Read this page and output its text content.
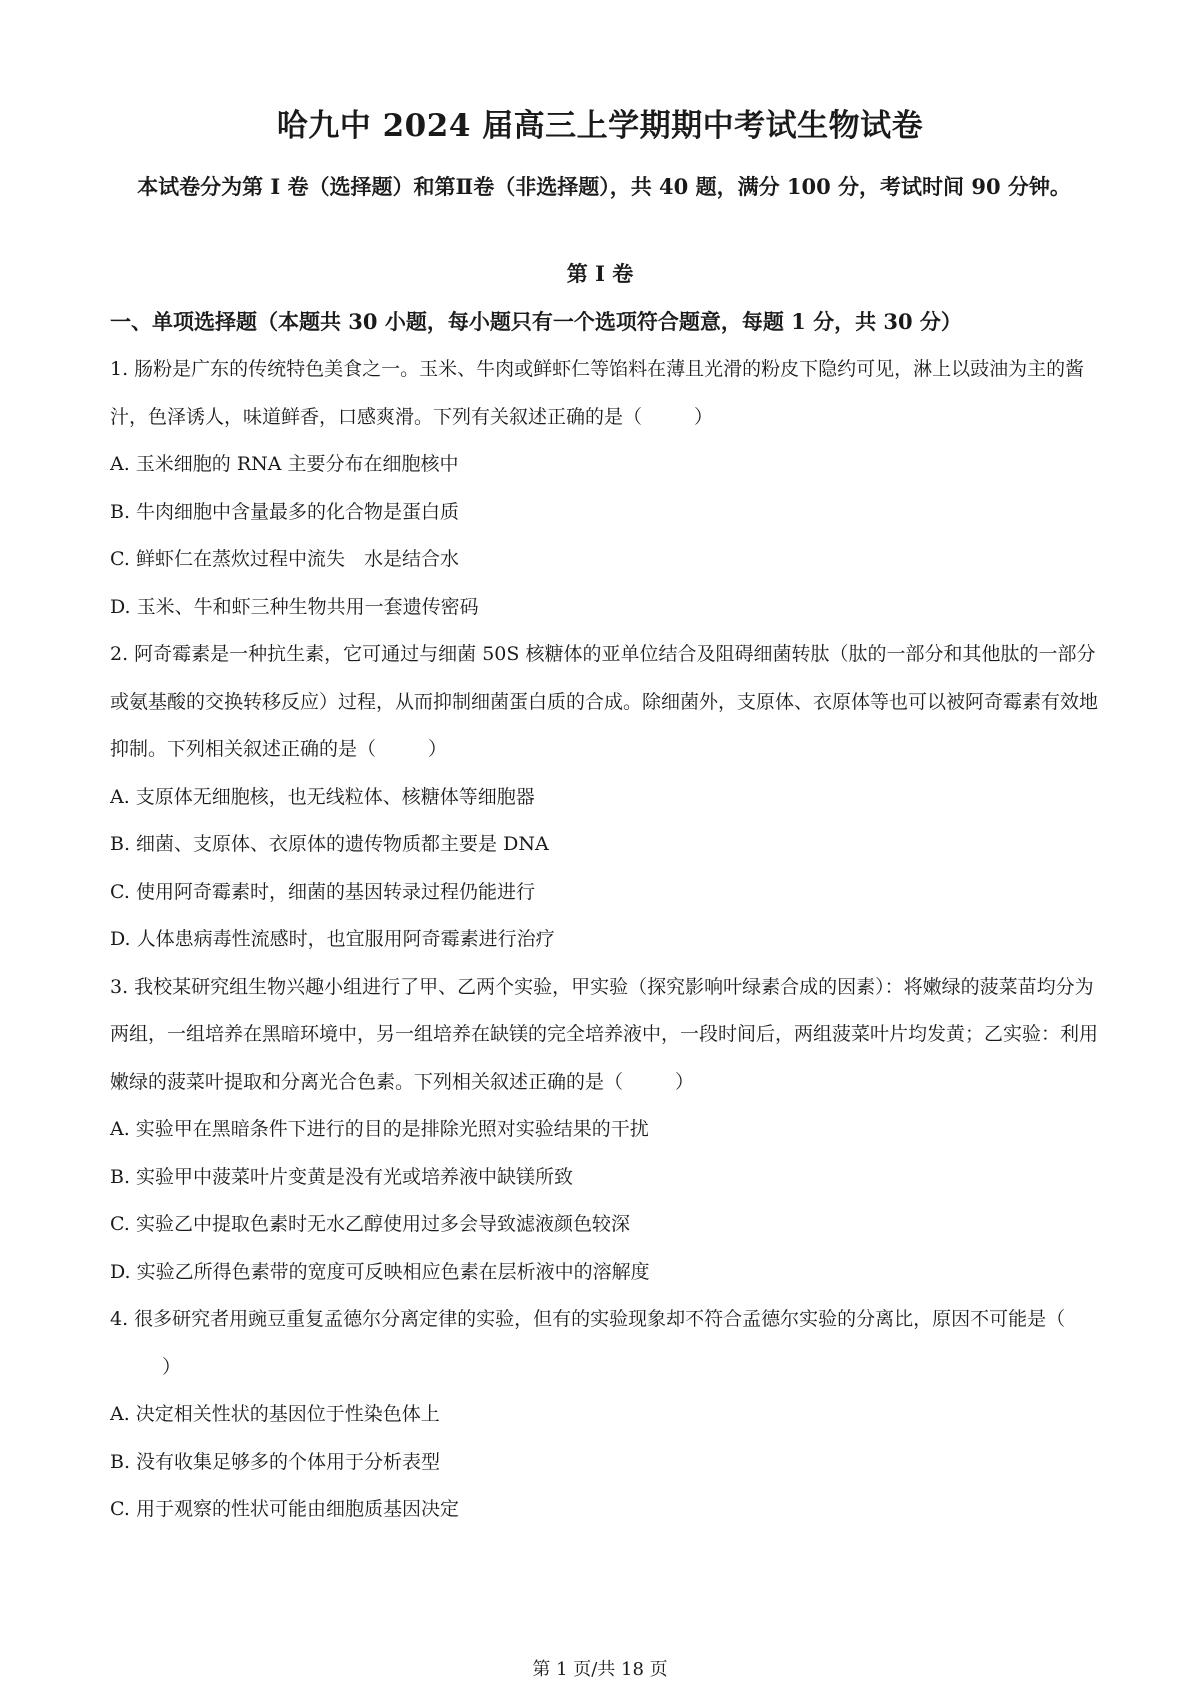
哈九中 2024 届高三上学期期中考试生物试卷
本试卷分为第 I 卷（选择题）和第Ⅱ卷（非选择题），共 40 题，满分 100 分，考试时间 90 分钟。
第 I 卷
一、单项选择题（本题共 30 小题，每小题只有一个选项符合题意，每题 1 分，共 30 分）

1. 肠粉是广东的传统特色美食之一。玉米、牛肉或鲜虾仁等馅料在薄且光滑的粉皮下隐约可见，淋上以豉油为主的酱汁，色泽诱人，味道鲜香，口感爽滑。下列有关叙述正确的是（	）

A. 玉米细胞的 RNA 主要分布在细胞核中

B. 牛肉细胞中含量最多的化合物是蛋白质

C. 鲜虾仁在蒸炊过程中流失　水是结合水

D. 玉米、牛和虾三种生物共用一套遗传密码

2. 阿奇霉素是一种抗生素，它可通过与细菌 50S 核糖体的亚单位结合及阻碍细菌转肽（肽的一部分和其他肽的一部分或氨基酸的交换转移反应）过程，从而抑制细菌蛋白质的合成。除细菌外，支原体、衣原体等也可以被阿奇霉素有效地抑制。下列相关叙述正确的是（	）

A. 支原体无细胞核，也无线粒体、核糖体等细胞器

B. 细菌、支原体、衣原体的遗传物质都主要是 DNA

C. 使用阿奇霉素时，细菌的基因转录过程仍能进行

D. 人体患病毒性流感时，也宜服用阿奇霉素进行治疗

3. 我校某研究组生物兴趣小组进行了甲、乙两个实验，甲实验（探究影响叶绿素合成的因素）：将嫩绿的菠菜苗均分为两组，一组培养在黑暗环境中，另一组培养在缺镁的完全培养液中，一段时间后，两组菠菜叶片均发黄；乙实验：利用嫩绿的菠菜叶提取和分离光合色素。下列相关叙述正确的是（	）

A. 实验甲在黑暗条件下进行的目的是排除光照对实验结果的干扰

B. 实验甲中菠菜叶片变黄是没有光或培养液中缺镁所致

C. 实验乙中提取色素时无水乙醇使用过多会导致滤液颜色较深

D. 实验乙所得色素带的宽度可反映相应色素在层析液中的溶解度

4. 很多研究者用豌豆重复孟德尔分离定律的实验，但有的实验现象却不符合孟德尔实验的分离比，原因不可能是（）

A. 决定相关性状的基因位于性染色体上

B. 没有收集足够多的个体用于分析表型

C. 用于观察的性状可能由细胞质基因决定

第 1 页/共 18 页
